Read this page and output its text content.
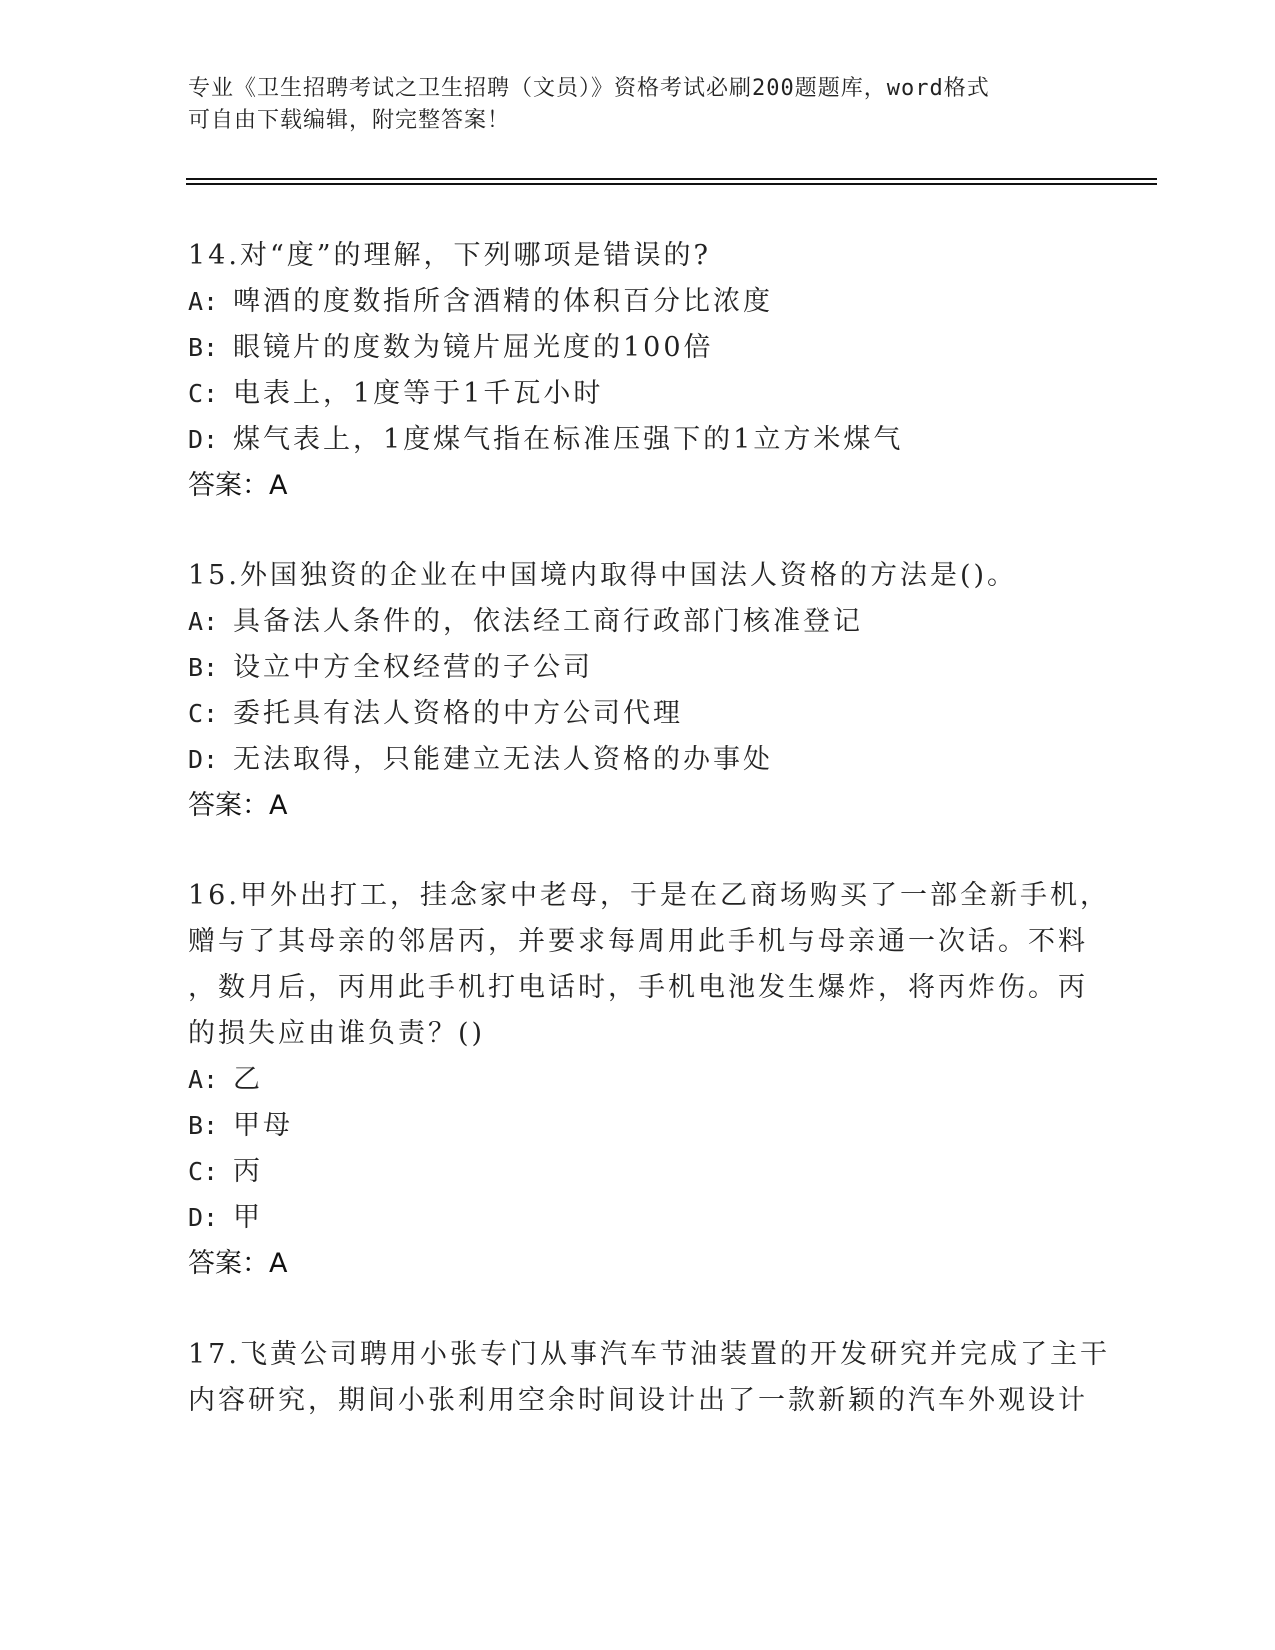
专业《卫生招聘考试之卫生招聘（文员）》资格考试必刷200题题库，word格式
可自由下载编辑，附完整答案！
14.对“度”的理解，下列哪项是错误的?
A: 啤酒的度数指所含酒精的体积百分比浓度
B: 眼镜片的度数为镜片屈光度的100倍
C: 电表上，1度等于1千瓦小时
D: 煤气表上，1度煤气指在标准压强下的1立方米煤气
答案：A
15.外国独资的企业在中国境内取得中国法人资格的方法是()。
A: 具备法人条件的，依法经工商行政部门核准登记
B: 设立中方全权经营的子公司
C: 委托具有法人资格的中方公司代理
D: 无法取得，只能建立无法人资格的办事处
答案：A
16.甲外出打工，挂念家中老母，于是在乙商场购买了一部全新手机，
赠与了其母亲的邻居丙，并要求每周用此手机与母亲通一次话。不料
，数月后，丙用此手机打电话时，手机电池发生爆炸，将丙炸伤。丙
的损失应由谁负责？()
A: 乙
B: 甲母
C: 丙
D: 甲
答案：A
17.飞黄公司聘用小张专门从事汽车节油装置的开发研究并完成了主干
内容研究，期间小张利用空余时间设计出了一款新颖的汽车外观设计
